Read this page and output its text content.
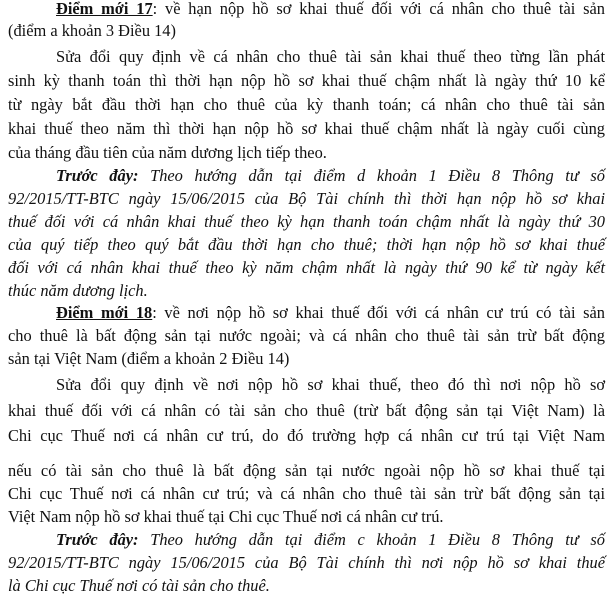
Điểm mới 17: về hạn nộp hồ sơ khai thuế đối với cá nhân cho thuê tài sản
(điểm a khoản 3 Điều 14)
Sửa đổi quy định về cá nhân cho thuê tài sản khai thuế theo từng lần phát
sinh kỳ thanh toán thì thời hạn nộp hồ sơ khai thuế chậm nhất là ngày thứ 10 kể
từ ngày bắt đầu thời hạn cho thuê của kỳ thanh toán; cá nhân cho thuê tài sản
khai thuế theo năm thì thời hạn nộp hồ sơ khai thuế chậm nhất là ngày cuối cùng
của tháng đầu tiên của năm dương lịch tiếp theo.
Trước đây: Theo hướng dẫn tại điểm d khoản 1 Điều 8 Thông tư số
92/2015/TT-BTC ngày 15/06/2015 của Bộ Tài chính thì thời hạn nộp hồ sơ khai
thuế đối với cá nhân khai thuế theo kỳ hạn thanh toán chậm nhất là ngày thứ 30
của quý tiếp theo quý bắt đầu thời hạn cho thuê; thời hạn nộp hồ sơ khai thuế
đối với cá nhân khai thuế theo kỳ năm chậm nhất là ngày thứ 90 kể từ ngày kết
thúc năm dương lịch.
Điểm mới 18: về nơi nộp hồ sơ khai thuế đối với cá nhân cư trú có tài sản
cho thuê là bất động sản tại nước ngoài; và cá nhân cho thuê tài sản trừ bất động
sản tại Việt Nam (điểm a khoản 2 Điều 14)
Sửa đổi quy định về nơi nộp hồ sơ khai thuế, theo đó thì nơi nộp hồ sơ
khai thuế đối với cá nhân có tài sản cho thuê (trừ bất động sản tại Việt Nam) là
Chi cục Thuế nơi cá nhân cư trú, do đó trường hợp cá nhân cư trú tại Việt Nam
nếu có tài sản cho thuê là bất động sản tại nước ngoài nộp hồ sơ khai thuế tại
Chi cục Thuế nơi cá nhân cư trú; và cá nhân cho thuê tài sản trừ bất động sản tại
Việt Nam nộp hồ sơ khai thuế tại Chi cục Thuế nơi cá nhân cư trú.
Trước đây: Theo hướng dẫn tại điểm c khoản 1 Điều 8 Thông tư số
92/2015/TT-BTC ngày 15/06/2015 của Bộ Tài chính thì nơi nộp hồ sơ khai thuế
là Chi cục Thuế nơi có tài sản cho thuê.
